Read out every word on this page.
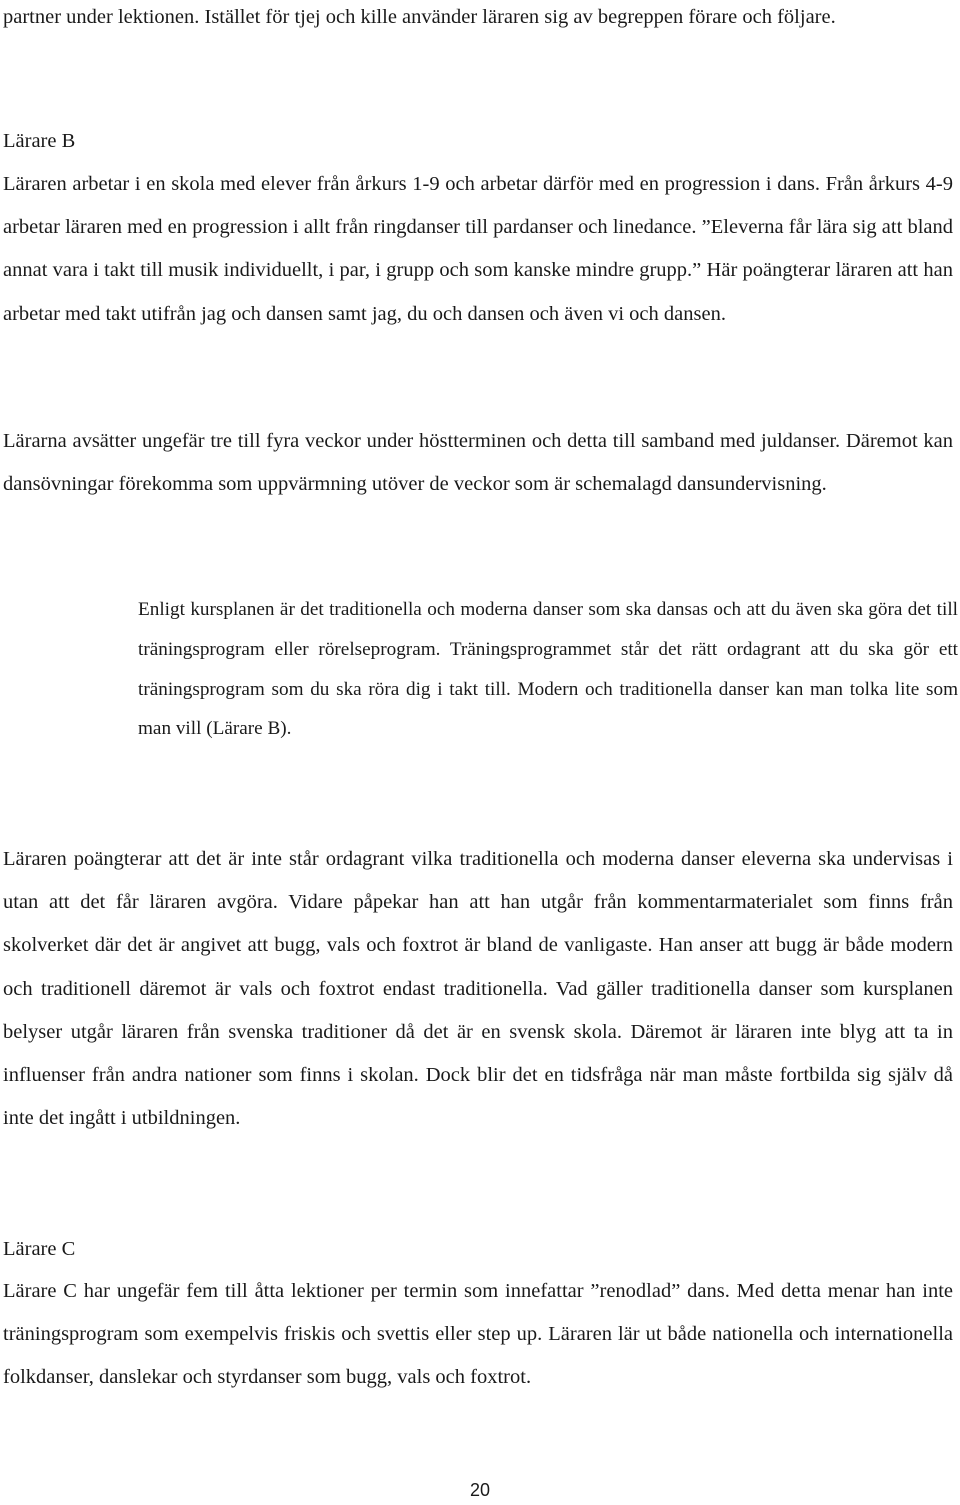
partner under lektionen. Istället för tjej och kille använder läraren sig av begreppen förare och följare.

Lärare B

Läraren arbetar i en skola med elever från årkurs 1-9 och arbetar därför med en progression i dans. Från årkurs 4-9 arbetar läraren med en progression i allt från ringdanser till pardanser och linedance. ”Eleverna får lära sig att bland annat vara i takt till musik individuellt, i par, i grupp och som kanske mindre grupp.” Här poängterar läraren att han arbetar med takt utifrån jag och dansen samt jag, du och dansen och även vi och dansen.

Lärarna avsätter ungefär tre till fyra veckor under höstterminen och detta till samband med juldanser. Däremot kan dansövningar förekomma som uppvärmning utöver de veckor som är schemalagd dansundervisning.

Enligt kursplanen är det traditionella och moderna danser som ska dansas och att du även ska göra det till träningsprogram eller rörelseprogram. Träningsprogrammet står det rätt ordagrant att du ska gör ett träningsprogram som du ska röra dig i takt till. Modern och traditionella danser kan man tolka lite som man vill (Lärare B).

Läraren poängterar att det är inte står ordagrant vilka traditionella och moderna danser eleverna ska undervisas i utan att det får läraren avgöra. Vidare påpekar han att han utgår från kommentarmaterialet som finns från skolverket där det är angivet att bugg, vals och foxtrot är bland de vanligaste. Han anser att bugg är både modern och traditionell däremot är vals och foxtrot endast traditionella. Vad gäller traditionella danser som kursplanen belyser utgår läraren från svenska traditioner då det är en svensk skola. Däremot är läraren inte blyg att ta in influenser från andra nationer som finns i skolan. Dock blir det en tidsfråga när man måste fortbilda sig själv då inte det ingått i utbildningen.

Lärare C

Lärare C har ungefär fem till åtta lektioner per termin som innefattar ”renodlad” dans. Med detta menar han inte träningsprogram som exempelvis friskis och svettis eller step up. Läraren lär ut både nationella och internationella folkdanser, danslekar och styrdanser som bugg, vals och foxtrot.

20
